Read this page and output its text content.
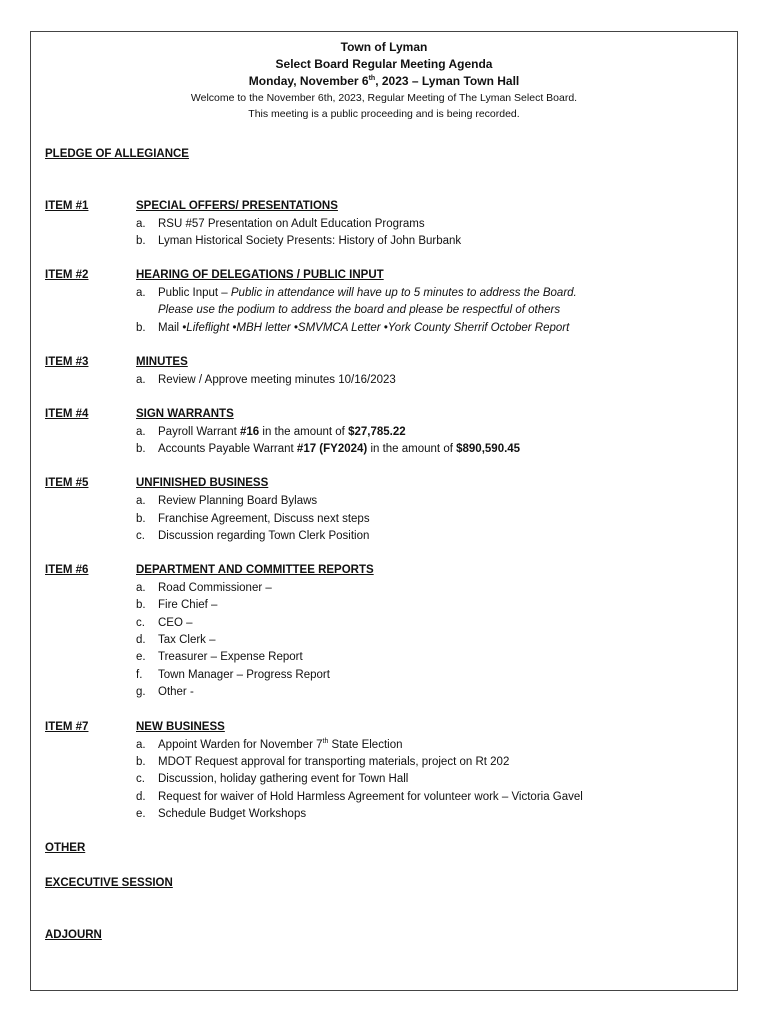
Town of Lyman
Select Board Regular Meeting Agenda
Monday, November 6th, 2023 – Lyman Town Hall
Welcome to the November 6th, 2023, Regular Meeting of The Lyman Select Board.
This meeting is a public proceeding and is being recorded.
PLEDGE OF ALLEGIANCE
ITEM #1	SPECIAL OFFERS/ PRESENTATIONS
a. RSU #57 Presentation on Adult Education Programs
b. Lyman Historical Society Presents: History of John Burbank
ITEM #2	HEARING OF DELEGATIONS / PUBLIC INPUT
a. Public Input – Public in attendance will have up to 5 minutes to address the Board.
Please use the podium to address the board and please be respectful of others
b. Mail •Lifeflight •MBH letter •SMVMCA Letter •York County Sherrif October Report
ITEM #3	MINUTES
a. Review / Approve meeting minutes 10/16/2023
ITEM #4	SIGN WARRANTS
a. Payroll Warrant #16 in the amount of $27,785.22
b. Accounts Payable Warrant #17 (FY2024) in the amount of $890,590.45
ITEM #5	UNFINISHED BUSINESS
a. Review Planning Board Bylaws
b. Franchise Agreement, Discuss next steps
c. Discussion regarding Town Clerk Position
ITEM #6	DEPARTMENT AND COMMITTEE REPORTS
a. Road Commissioner –
b. Fire Chief –
c. CEO –
d. Tax Clerk –
e. Treasurer – Expense Report
f. Town Manager – Progress Report
g. Other -
ITEM #7	NEW BUSINESS
a. Appoint Warden for November 7th State Election
b. MDOT Request approval for transporting materials, project on Rt 202
c. Discussion, holiday gathering event for Town Hall
d. Request for waiver of Hold Harmless Agreement for volunteer work – Victoria Gavel
e. Schedule Budget Workshops
OTHER
EXCECUTIVE SESSION
ADJOURN
